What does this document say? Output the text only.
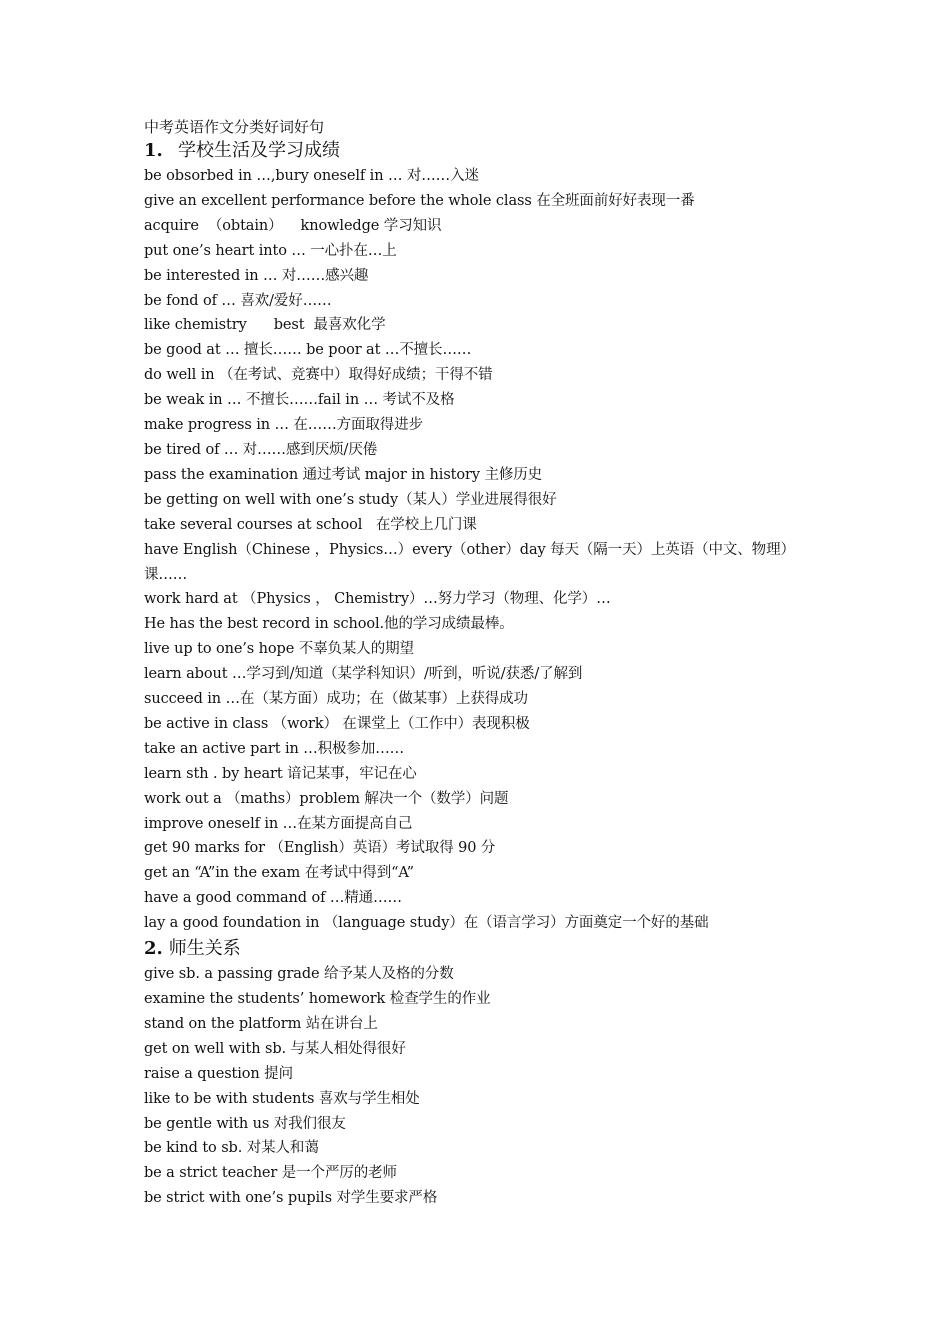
中考英语作文分类好词好句
1. 学校生活及学习成绩
be obsorbed in …,bury oneself in … 对……入迷
give an excellent performance before the whole class 在全班面前好好表现一番
acquire  （obtain）    knowledge 学习知识
put one’s heart into … 一心扑在…上
be interested in … 对……感兴趣
be fond of … 喜欢/爱好……
like chemistry      best  最喜欢化学
be good at … 擅长…… be poor at …不擅长……
do well in （在考试、竞赛中）取得好成绩；干得不错
be weak in … 不擅长……fail in … 考试不及格
make progress in … 在……方面取得进步
be tired of … 对……感到厌烦/厌倦
pass the examination 通过考试 major in history 主修历史
be getting on well with one’s study（某人）学业进展得很好
take several courses at school   在学校上几门课
have English（Chinese ，Physics…）every（other）day 每天（隔一天）上英语（中文、物理）课……
work hard at （Physics ， Chemistry）…努力学习（物理、化学）…
He has the best record in school.他的学习成绩最棒。
live up to one’s hope 不辜负某人的期望
learn about …学习到/知道（某学科知识）/听到，听说/获悉/了解到
succeed in …在（某方面）成功；在（做某事）上获得成功
be active in class （work） 在课堂上（工作中）表现积极
take an active part in …积极参加……
learn sth . by heart 谙记某事，牢记在心
work out a （maths）problem 解决一个（数学）问题
improve oneself in …在某方面提高自己
get 90 marks for （English）英语）考试取得 90 分
get an “A”in the exam 在考试中得到“A”
have a good command of …精通……
lay a good foundation in （language study）在（语言学习）方面奠定一个好的基础
2. 师生关系
give sb. a passing grade 给予某人及格的分数
examine the students’ homework 检查学生的作业
stand on the platform 站在讲台上
get on well with sb. 与某人相处得很好
raise a question 提问
like to be with students 喜欢与学生相处
be gentle with us 对我们很友
be kind to sb. 对某人和蔼
be a strict teacher 是一个严厉的老师
be strict with one’s pupils 对学生要求严格
